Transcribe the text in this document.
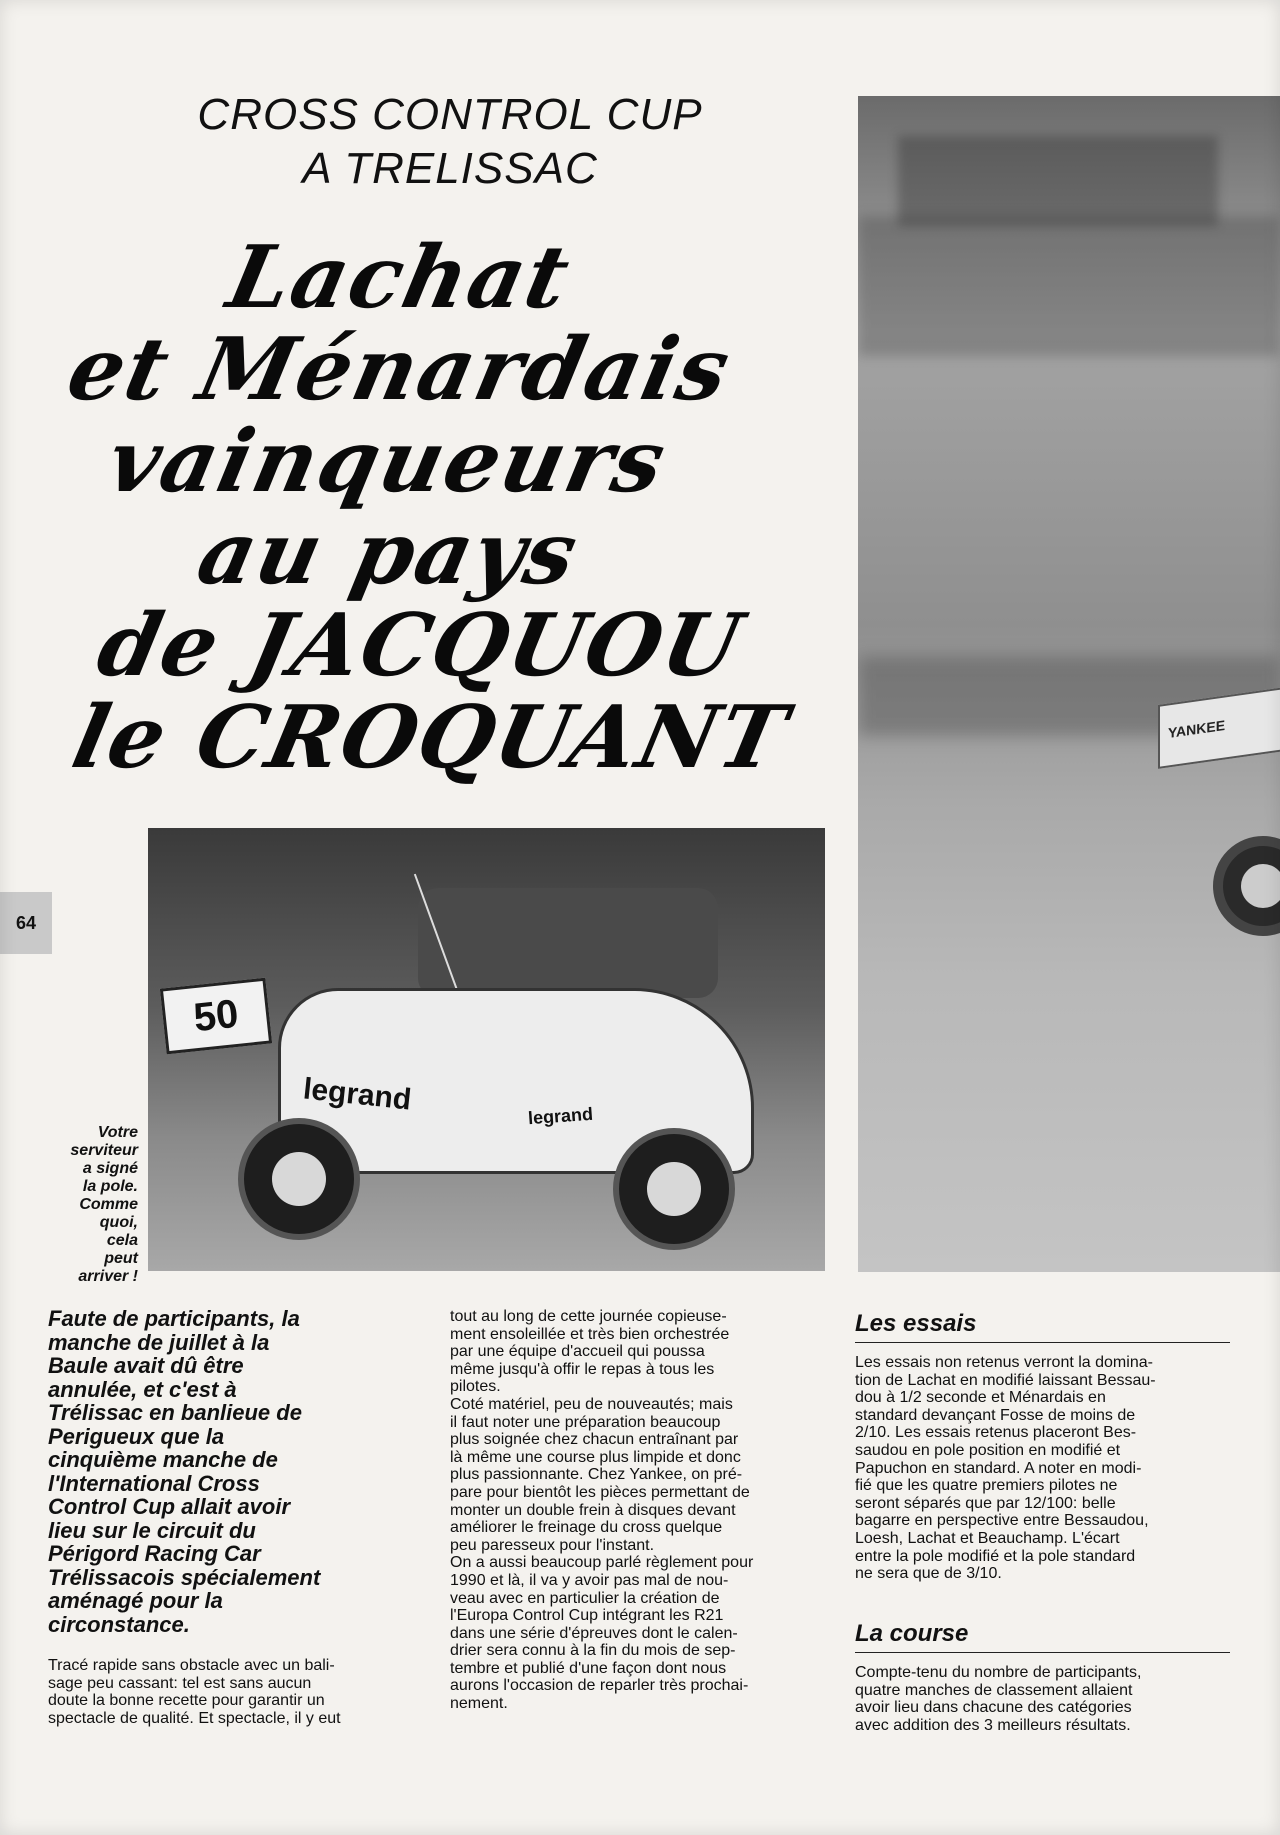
CROSS CONTROL CUP
A TRELISSAC
Lachat
et Ménardais
vainqueurs
au pays
de JACQUOU
le CROQUANT
64
YANKEE
50
legrand	legrand
Votre
serviteur
a signé
la pole.
Comme
quoi,
cela
peut
arriver !
Faute de participants, la
manche de juillet à la
Baule avait dû être
annulée, et c'est à
Trélissac en banlieue de
Perigueux que la
cinquième manche de
l'International Cross
Control Cup allait avoir
lieu sur le circuit du
Périgord Racing Car
Trélissacois spécialement
aménagé pour la
circonstance.
Tracé rapide sans obstacle avec un bali-
sage peu cassant: tel est sans aucun
doute la bonne recette pour garantir un
spectacle de qualité. Et spectacle, il y eut
tout au long de cette journée copieuse-
ment ensoleillée et très bien orchestrée
par une équipe d'accueil qui poussa
même jusqu'à offir le repas à tous les
pilotes.
Coté matériel, peu de nouveautés; mais
il faut noter une préparation beaucoup
plus soignée chez chacun entraînant par
là même une course plus limpide et donc
plus passionnante. Chez Yankee, on pré-
pare pour bientôt les pièces permettant de
monter un double frein à disques devant
améliorer le freinage du cross quelque
peu paresseux pour l'instant.
On a aussi beaucoup parlé règlement pour
1990 et là, il va y avoir pas mal de nou-
veau avec en particulier la création de
l'Europa Control Cup intégrant les R21
dans une série d'épreuves dont le calen-
drier sera connu à la fin du mois de sep-
tembre et publié d'une façon dont nous
aurons l'occasion de reparler très prochai-
nement.
Les essais
Les essais non retenus verront la domina-
tion de Lachat en modifié laissant Bessau-
dou à 1/2 seconde et Ménardais en
standard devançant Fosse de moins de
2/10. Les essais retenus placeront Bes-
saudou en pole position en modifié et
Papuchon en standard. A noter en modi-
fié que les quatre premiers pilotes ne
seront séparés que par 12/100: belle
bagarre en perspective entre Bessaudou,
Loesh, Lachat et Beauchamp. L'écart
entre la pole modifié et la pole standard
ne sera que de 3/10.
La course
Compte-tenu du nombre de participants,
quatre manches de classement allaient
avoir lieu dans chacune des catégories
avec addition des 3 meilleurs résultats.
